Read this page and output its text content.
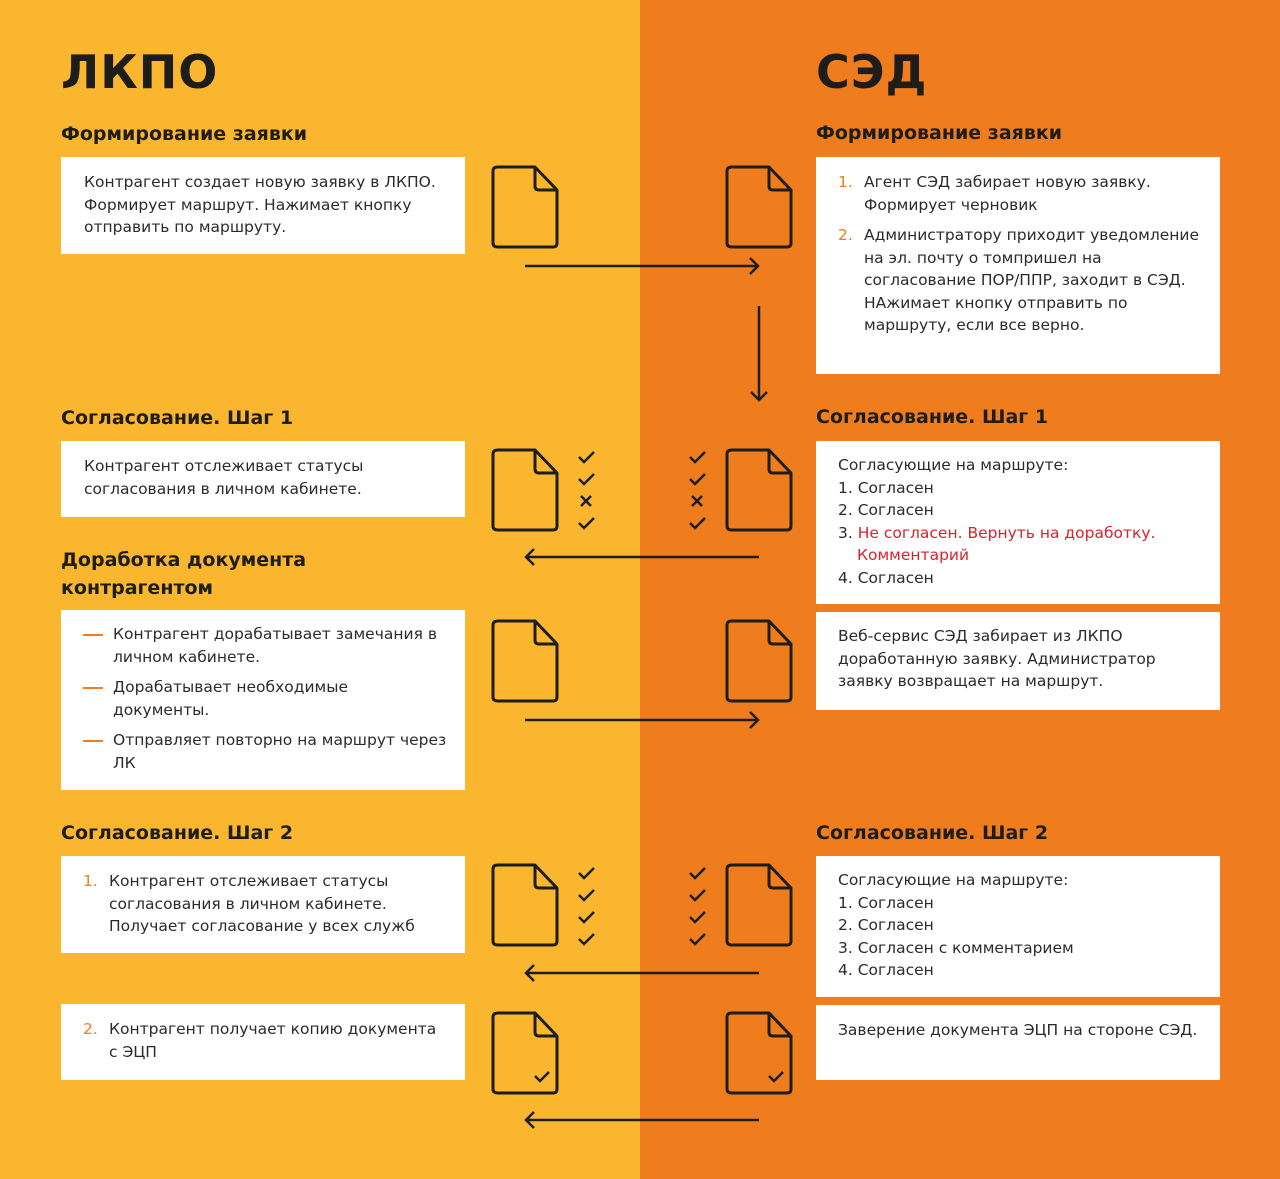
ЛКПО	СЭД
Формирование заявки

Контрагент создает новую заявку в ЛКПО. Формирует маршрут. Нажимает кнопку отправить по маршруту.

Формирование заявки
1. Агент СЭД забирает новую заявку. Формирует черновик
2. Администратору приходит уведомление на эл. почту о томпришел на согласование ПОР/ППР, заходит в СЭД. НАжимает кнопку отправить по маршруту, если все верно.
Согласование. Шаг 1

Контрагент отслеживает статусы согласования в личном кабинете.

Согласование. Шаг 1

Согласующие на маршруте:

1. Согласен

2. Согласен

3. Не согласен. Вернуть на доработку.

Комментарий

4. Согласен

Доработка документа
контрагентом
Контрагент дорабатывает замечания в личном кабинете.
Дорабатывает необходимые документы.
Отправляет повторно на маршрут через ЛК

Веб-сервис СЭД забирает из ЛКПО доработанную заявку. Администратор заявку возвращает на маршрут.

Согласование. Шаг 2
1. Контрагент отслеживает статусы согласования в личном кабинете. Получает согласование у всех служб
2. Контрагент получает копию документа с ЭЦП
Согласование. Шаг 2

Согласующие на маршруте:

1. Согласен

2. Согласен

3. Согласен с комментарием

4. Согласен

Заверение документа ЭЦП на стороне СЭД.
